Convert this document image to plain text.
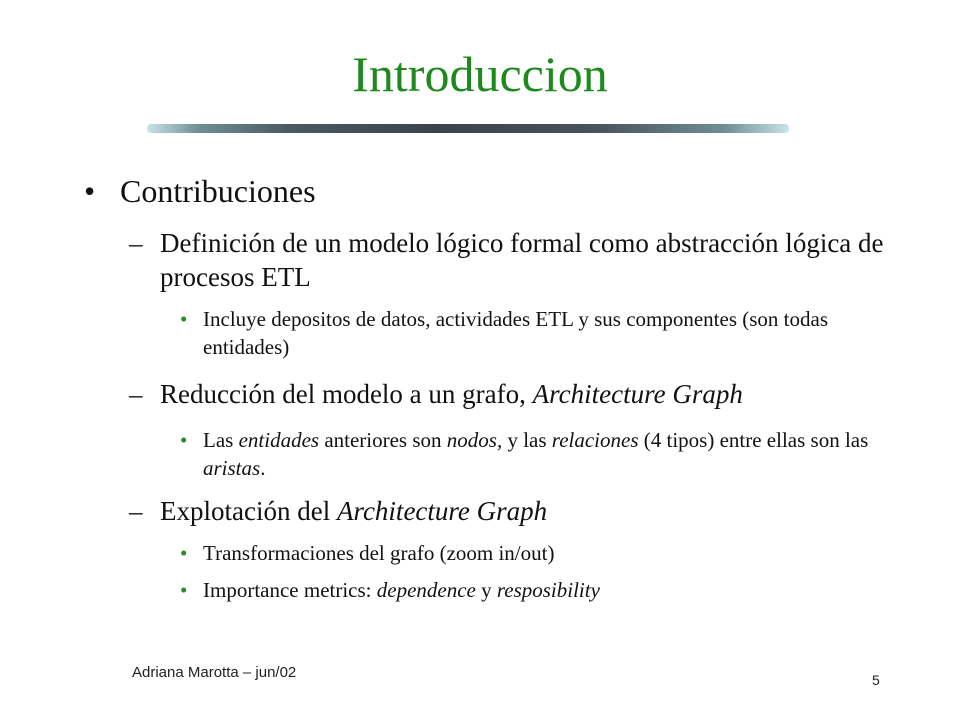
Introduccion
• Contribuciones
– Definición de un modelo lógico formal como abstracción lógica de procesos ETL
• Incluye depositos de datos, actividades ETL y sus componentes (son todas entidades)
– Reducción del modelo a un grafo, Architecture Graph
• Las entidades anteriores son nodos, y las relaciones (4 tipos) entre ellas son las aristas.
– Explotación del Architecture Graph
• Transformaciones del grafo (zoom in/out)
• Importance metrics: dependence y resposibility
Adriana Marotta – jun/02	5
